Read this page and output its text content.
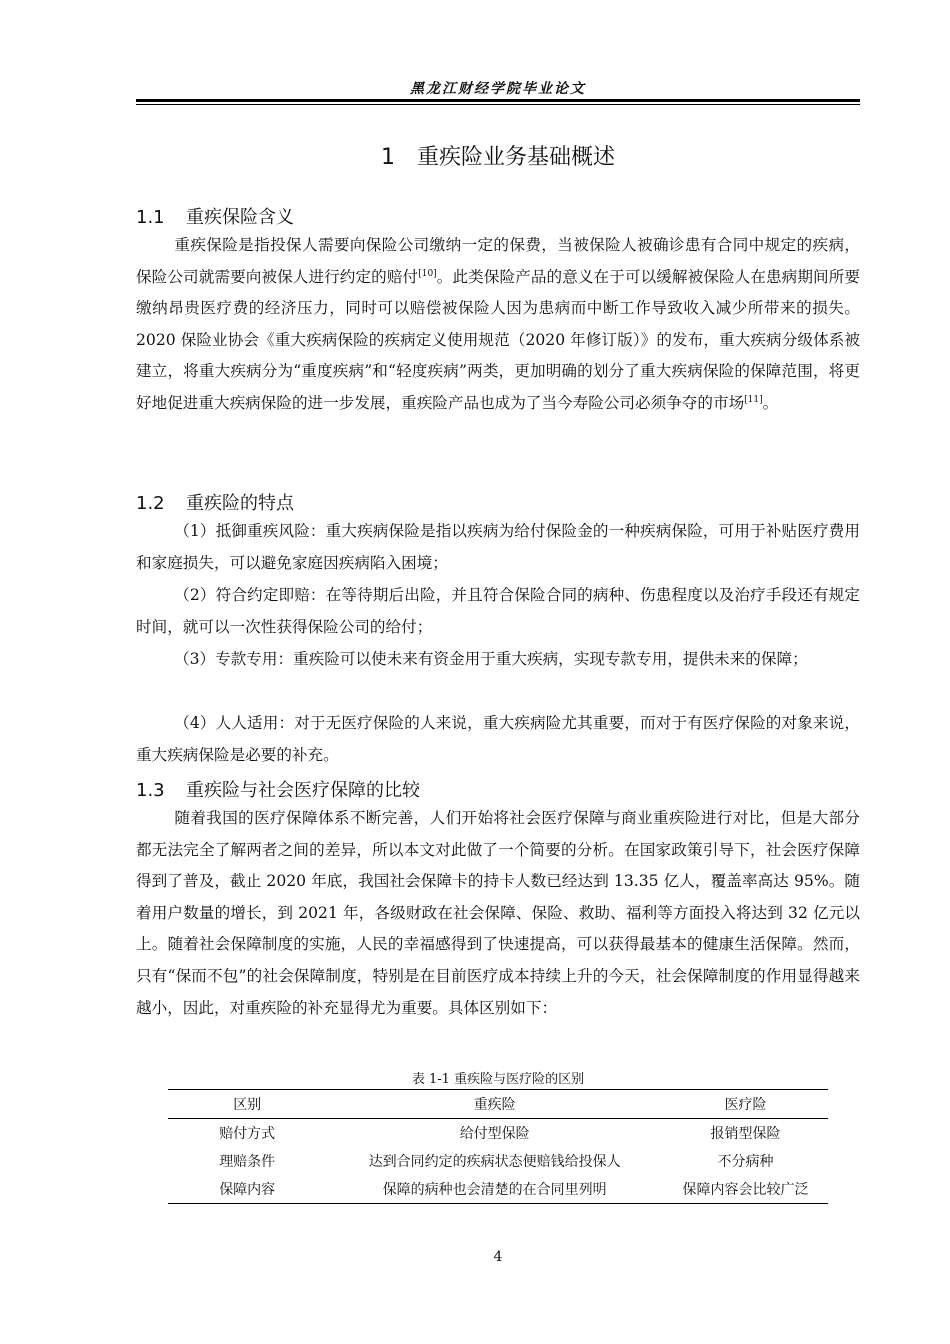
黑龙江财经学院毕业论文
1 重疾险业务基础概述
1.1 重疾保险含义

重疾保险是指投保人需要向保险公司缴纳一定的保费，当被保险人被确诊患有合同中规定的疾病，保险公司就需要向被保人进行约定的赔付[10]。此类保险产品的意义在于可以缓解被保险人在患病期间所要缴纳昂贵医疗费的经济压力，同时可以赔偿被保险人因为患病而中断工作导致收入减少所带来的损失。2020 保险业协会《重大疾病保险的疾病定义使用规范（2020 年修订版）》的发布，重大疾病分级体系被建立，将重大疾病分为“重度疾病”和“轻度疾病”两类，更加明确的划分了重大疾病保险的保障范围，将更好地促进重大疾病保险的进一步发展，重疾险产品也成为了当今寿险公司必须争夺的市场[11]。

1.2 重疾险的特点

（1）抵御重疾风险：重大疾病保险是指以疾病为给付保险金的一种疾病保险，可用于补贴医疗费用和家庭损失，可以避免家庭因疾病陷入困境；

（2）符合约定即赔：在等待期后出险，并且符合保险合同的病种、伤患程度以及治疗手段还有规定时间，就可以一次性获得保险公司的给付；

（3）专款专用：重疾险可以使未来有资金用于重大疾病，实现专款专用，提供未来的保障；

（4）人人适用：对于无医疗保险的人来说，重大疾病险尤其重要，而对于有医疗保险的对象来说，重大疾病保险是必要的补充。

1.3 重疾险与社会医疗保障的比较

随着我国的医疗保障体系不断完善，人们开始将社会医疗保障与商业重疾险进行对比，但是大部分都无法完全了解两者之间的差异，所以本文对此做了一个简要的分析。在国家政策引导下，社会医疗保障得到了普及，截止 2020 年底，我国社会保障卡的持卡人数已经达到 13.35 亿人，覆盖率高达 95%。随着用户数量的增长，到 2021 年，各级财政在社会保障、保险、救助、福利等方面投入将达到 32 亿元以上。随着社会保障制度的实施，人民的幸福感得到了快速提高，可以获得最基本的健康生活保障。然而，只有“保而不包”的社会保障制度，特别是在目前医疗成本持续上升的今天，社会保障制度的作用显得越来越小，因此，对重疾险的补充显得尤为重要。具体区别如下：

表 1-1 重疾险与医疗险的区别
区别	重疾险	医疗险
赔付方式	给付型保险	报销型保险
理赔条件	达到合同约定的疾病状态便赔钱给投保人	不分病种
保障内容	保障的病种也会清楚的在合同里列明	保障内容会比较广泛
4
